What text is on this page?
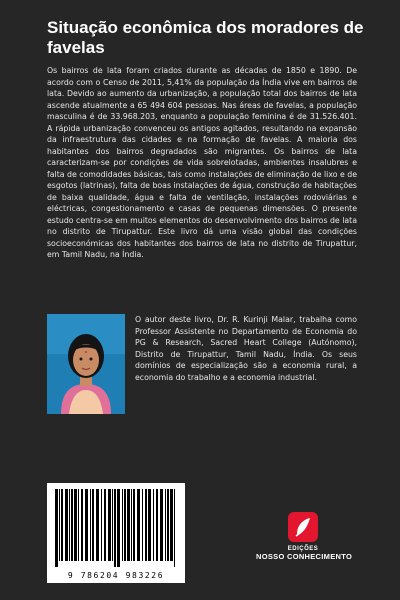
Situação econômica dos moradores de favelas

Os bairros de lata foram criados durante as décadas de 1850 e 1890. De acordo com o Censo de 2011, 5,41% da população da Índia vive em bairros de lata. Devido ao aumento da urbanização, a população total dos bairros de lata ascende atualmente a 65 494 604 pessoas. Nas áreas de favelas, a população masculina é de 33.968.203, enquanto a população feminina é de 31.526.401. A rápida urbanização convenceu os antigos agitados, resultando na expansão da infraestrutura das cidades e na formação de favelas. A maioria dos habitantes dos bairros degradados são migrantes. Os bairros de lata caracterizam-se por condições de vida sobrelotadas, ambientes insalubres e falta de comodidades básicas, tais como instalações de eliminação de lixo e de esgotos (latrinas), falta de boas instalações de água, construção de habitações de baixa qualidade, água e falta de ventilação, instalações rodoviárias e eléctricas, congestionamento e casas de pequenas dimensões. O presente estudo centra-se em muitos elementos do desenvolvimento dos bairros de lata no distrito de Tirupattur. Este livro dá uma visão global das condições socioeconómicas dos habitantes dos bairros de lata no distrito de Tirupattur, em Tamil Nadu, na Índia.

O autor deste livro, Dr. R. Kurinji Malar, trabalha como Professor Assistente no Departamento de Economia do PG & Research, Sacred Heart College (Autónomo), Distrito de Tirupattur, Tamil Nadu, Índia. Os seus domínios de especialização são a economia rural, a economia do trabalho e a economia industrial.

9 786204 983226
EDIÇÕES
NOSSO CONHECIMENTO
